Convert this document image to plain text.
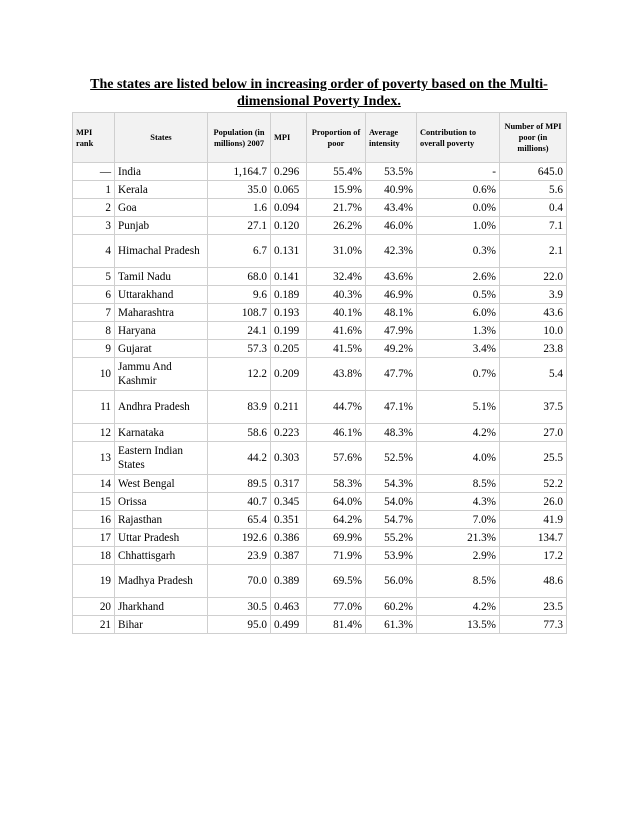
The states are listed below in increasing order of poverty based on the Multi-dimensional Poverty Index.
MPI rank	States	Population (in millions) 2007	MPI	Proportion of poor	Average intensity	Contribution to overall poverty	Number of MPI poor (in millions)
—	India	1,164.7	0.296	55.4%	53.5%	-	645.0
1	Kerala	35.0	0.065	15.9%	40.9%	0.6%	5.6
2	Goa	1.6	0.094	21.7%	43.4%	0.0%	0.4
3	Punjab	27.1	0.120	26.2%	46.0%	1.0%	7.1
4	Himachal Pradesh	6.7	0.131	31.0%	42.3%	0.3%	2.1
5	Tamil Nadu	68.0	0.141	32.4%	43.6%	2.6%	22.0
6	Uttarakhand	9.6	0.189	40.3%	46.9%	0.5%	3.9
7	Maharashtra	108.7	0.193	40.1%	48.1%	6.0%	43.6
8	Haryana	24.1	0.199	41.6%	47.9%	1.3%	10.0
9	Gujarat	57.3	0.205	41.5%	49.2%	3.4%	23.8
10	Jammu And Kashmir	12.2	0.209	43.8%	47.7%	0.7%	5.4
11	Andhra Pradesh	83.9	0.211	44.7%	47.1%	5.1%	37.5
12	Karnataka	58.6	0.223	46.1%	48.3%	4.2%	27.0
13	Eastern Indian States	44.2	0.303	57.6%	52.5%	4.0%	25.5
14	West Bengal	89.5	0.317	58.3%	54.3%	8.5%	52.2
15	Orissa	40.7	0.345	64.0%	54.0%	4.3%	26.0
16	Rajasthan	65.4	0.351	64.2%	54.7%	7.0%	41.9
17	Uttar Pradesh	192.6	0.386	69.9%	55.2%	21.3%	134.7
18	Chhattisgarh	23.9	0.387	71.9%	53.9%	2.9%	17.2
19	Madhya Pradesh	70.0	0.389	69.5%	56.0%	8.5%	48.6
20	Jharkhand	30.5	0.463	77.0%	60.2%	4.2%	23.5
21	Bihar	95.0	0.499	81.4%	61.3%	13.5%	77.3
